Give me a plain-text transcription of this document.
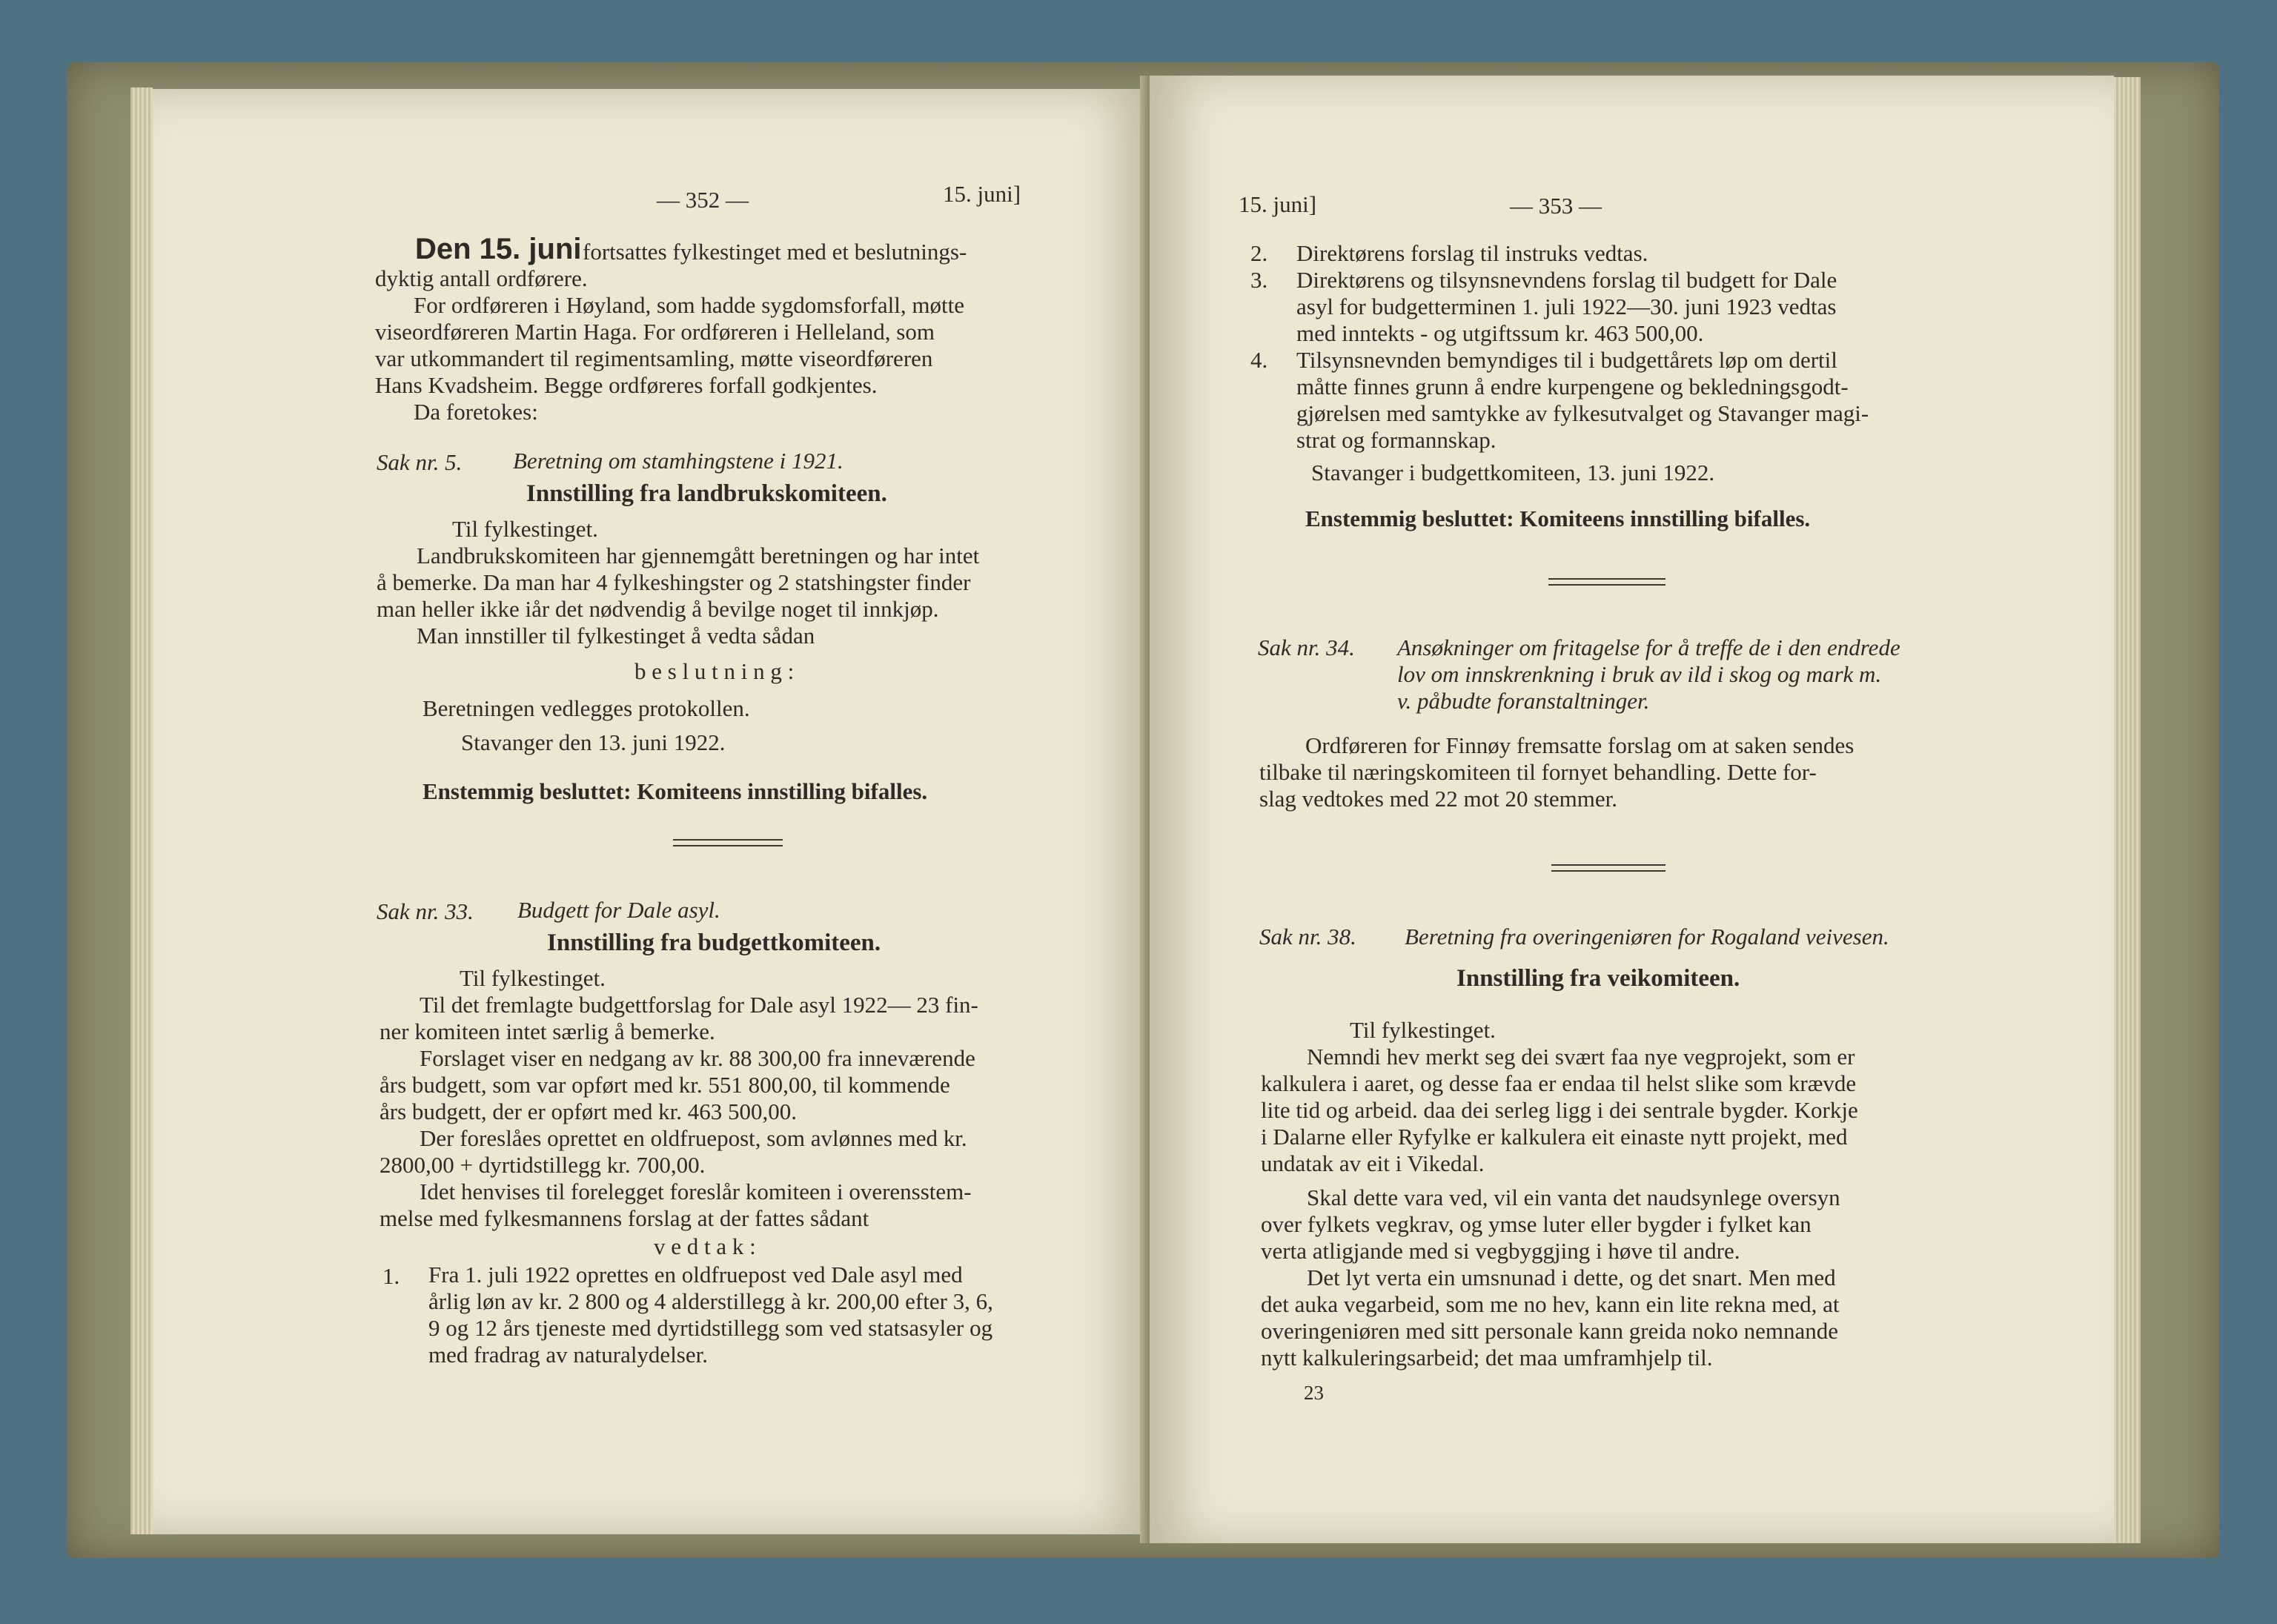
— 352 —	15. juni]
Den 15. juni fortsattes fylkestinget med et beslutnings-
dyktig antall ordførere.
For ordføreren i Høyland, som hadde sygdomsforfall, møtte
viseordføreren Martin Haga. For ordføreren i Helleland, som
var utkommandert til regimentsamling, møtte viseordføreren
Hans Kvadsheim. Begge ordføreres forfall godkjentes.
Da foretokes:
Sak nr. 5. Beretning om stamhingstene i 1921.
Innstilling fra landbrukskomiteen.
Til fylkestinget.
Landbrukskomiteen har gjennemgått beretningen og har intet
å bemerke. Da man har 4 fylkeshingster og 2 statshingster finder
man heller ikke iår det nødvendig å bevilge noget til innkjøp.
Man innstiller til fylkestinget å vedta sådan
b e s l u t n i n g :
Beretningen vedlegges protokollen.
Stavanger den 13. juni 1922.
Enstemmig besluttet: Komiteens innstilling bifalles.
Sak nr. 33. Budgett for Dale asyl.
Innstilling fra budgettkomiteen.
Til fylkestinget.
Til det fremlagte budgettforslag for Dale asyl 1922— 23 fin-
ner komiteen intet særlig å bemerke.
Forslaget viser en nedgang av kr. 88 300,00 fra inneværende
års budgett, som var opført med kr. 551 800,00, til kommende
års budgett, der er opført med kr. 463 500,00.
Der foreslåes oprettet en oldfruepost, som avlønnes med kr.
2800,00 + dyrtidstillegg kr. 700,00.
Idet henvises til forelegget foreslår komiteen i overensstem-
melse med fylkesmannens forslag at der fattes sådant
v e d t a k :
1. Fra 1. juli 1922 oprettes en oldfruepost ved Dale asyl med
årlig løn av kr. 2 800 og 4 alderstillegg à kr. 200,00 efter 3, 6,
9 og 12 års tjeneste med dyrtidstillegg som ved statsasyler og
med fradrag av naturalydelser.
15. juni]	— 353 —
2. Direktørens forslag til instruks vedtas.
3. Direktørens og tilsynsnevndens forslag til budgett for Dale
asyl for budgetterminen 1. juli 1922—30. juni 1923 vedtas
med inntekts - og utgiftssum kr. 463 500,00.
4. Tilsynsnevnden bemyndiges til i budgettårets løp om dertil
måtte finnes grunn å endre kurpengene og bekledningsgodt-
gjørelsen med samtykke av fylkesutvalget og Stavanger magi-
strat og formannskap.
Stavanger i budgettkomiteen, 13. juni 1922.
Enstemmig besluttet: Komiteens innstilling bifalles.
Sak nr. 34. Ansøkninger om fritagelse for å treffe de i den endrede
lov om innskrenkning i bruk av ild i skog og mark m.
v. påbudte foranstaltninger.
Ordføreren for Finnøy fremsatte forslag om at saken sendes
tilbake til næringskomiteen til fornyet behandling. Dette for-
slag vedtokes med 22 mot 20 stemmer.
Sak nr. 38. Beretning fra overingeniøren for Rogaland veivesen.
Innstilling fra veikomiteen.
Til fylkestinget.
Nemndi hev merkt seg dei svært faa nye vegprojekt, som er
kalkulera i aaret, og desse faa er endaa til helst slike som krævde
lite tid og arbeid. daa dei serleg ligg i dei sentrale bygder. Korkje
i Dalarne eller Ryfylke er kalkulera eit einaste nytt projekt, med
undatak av eit i Vikedal.
Skal dette vara ved, vil ein vanta det naudsynlege oversyn
over fylkets vegkrav, og ymse luter eller bygder i fylket kan
verta atligjande med si vegbyggjing i høve til andre.
Det lyt verta ein umsnunad i dette, og det snart. Men med
det auka vegarbeid, som me no hev, kann ein lite rekna med, at
overingeniøren med sitt personale kann greida noko nemnande
nytt kalkuleringsarbeid; det maa umframhjelp til.
23
